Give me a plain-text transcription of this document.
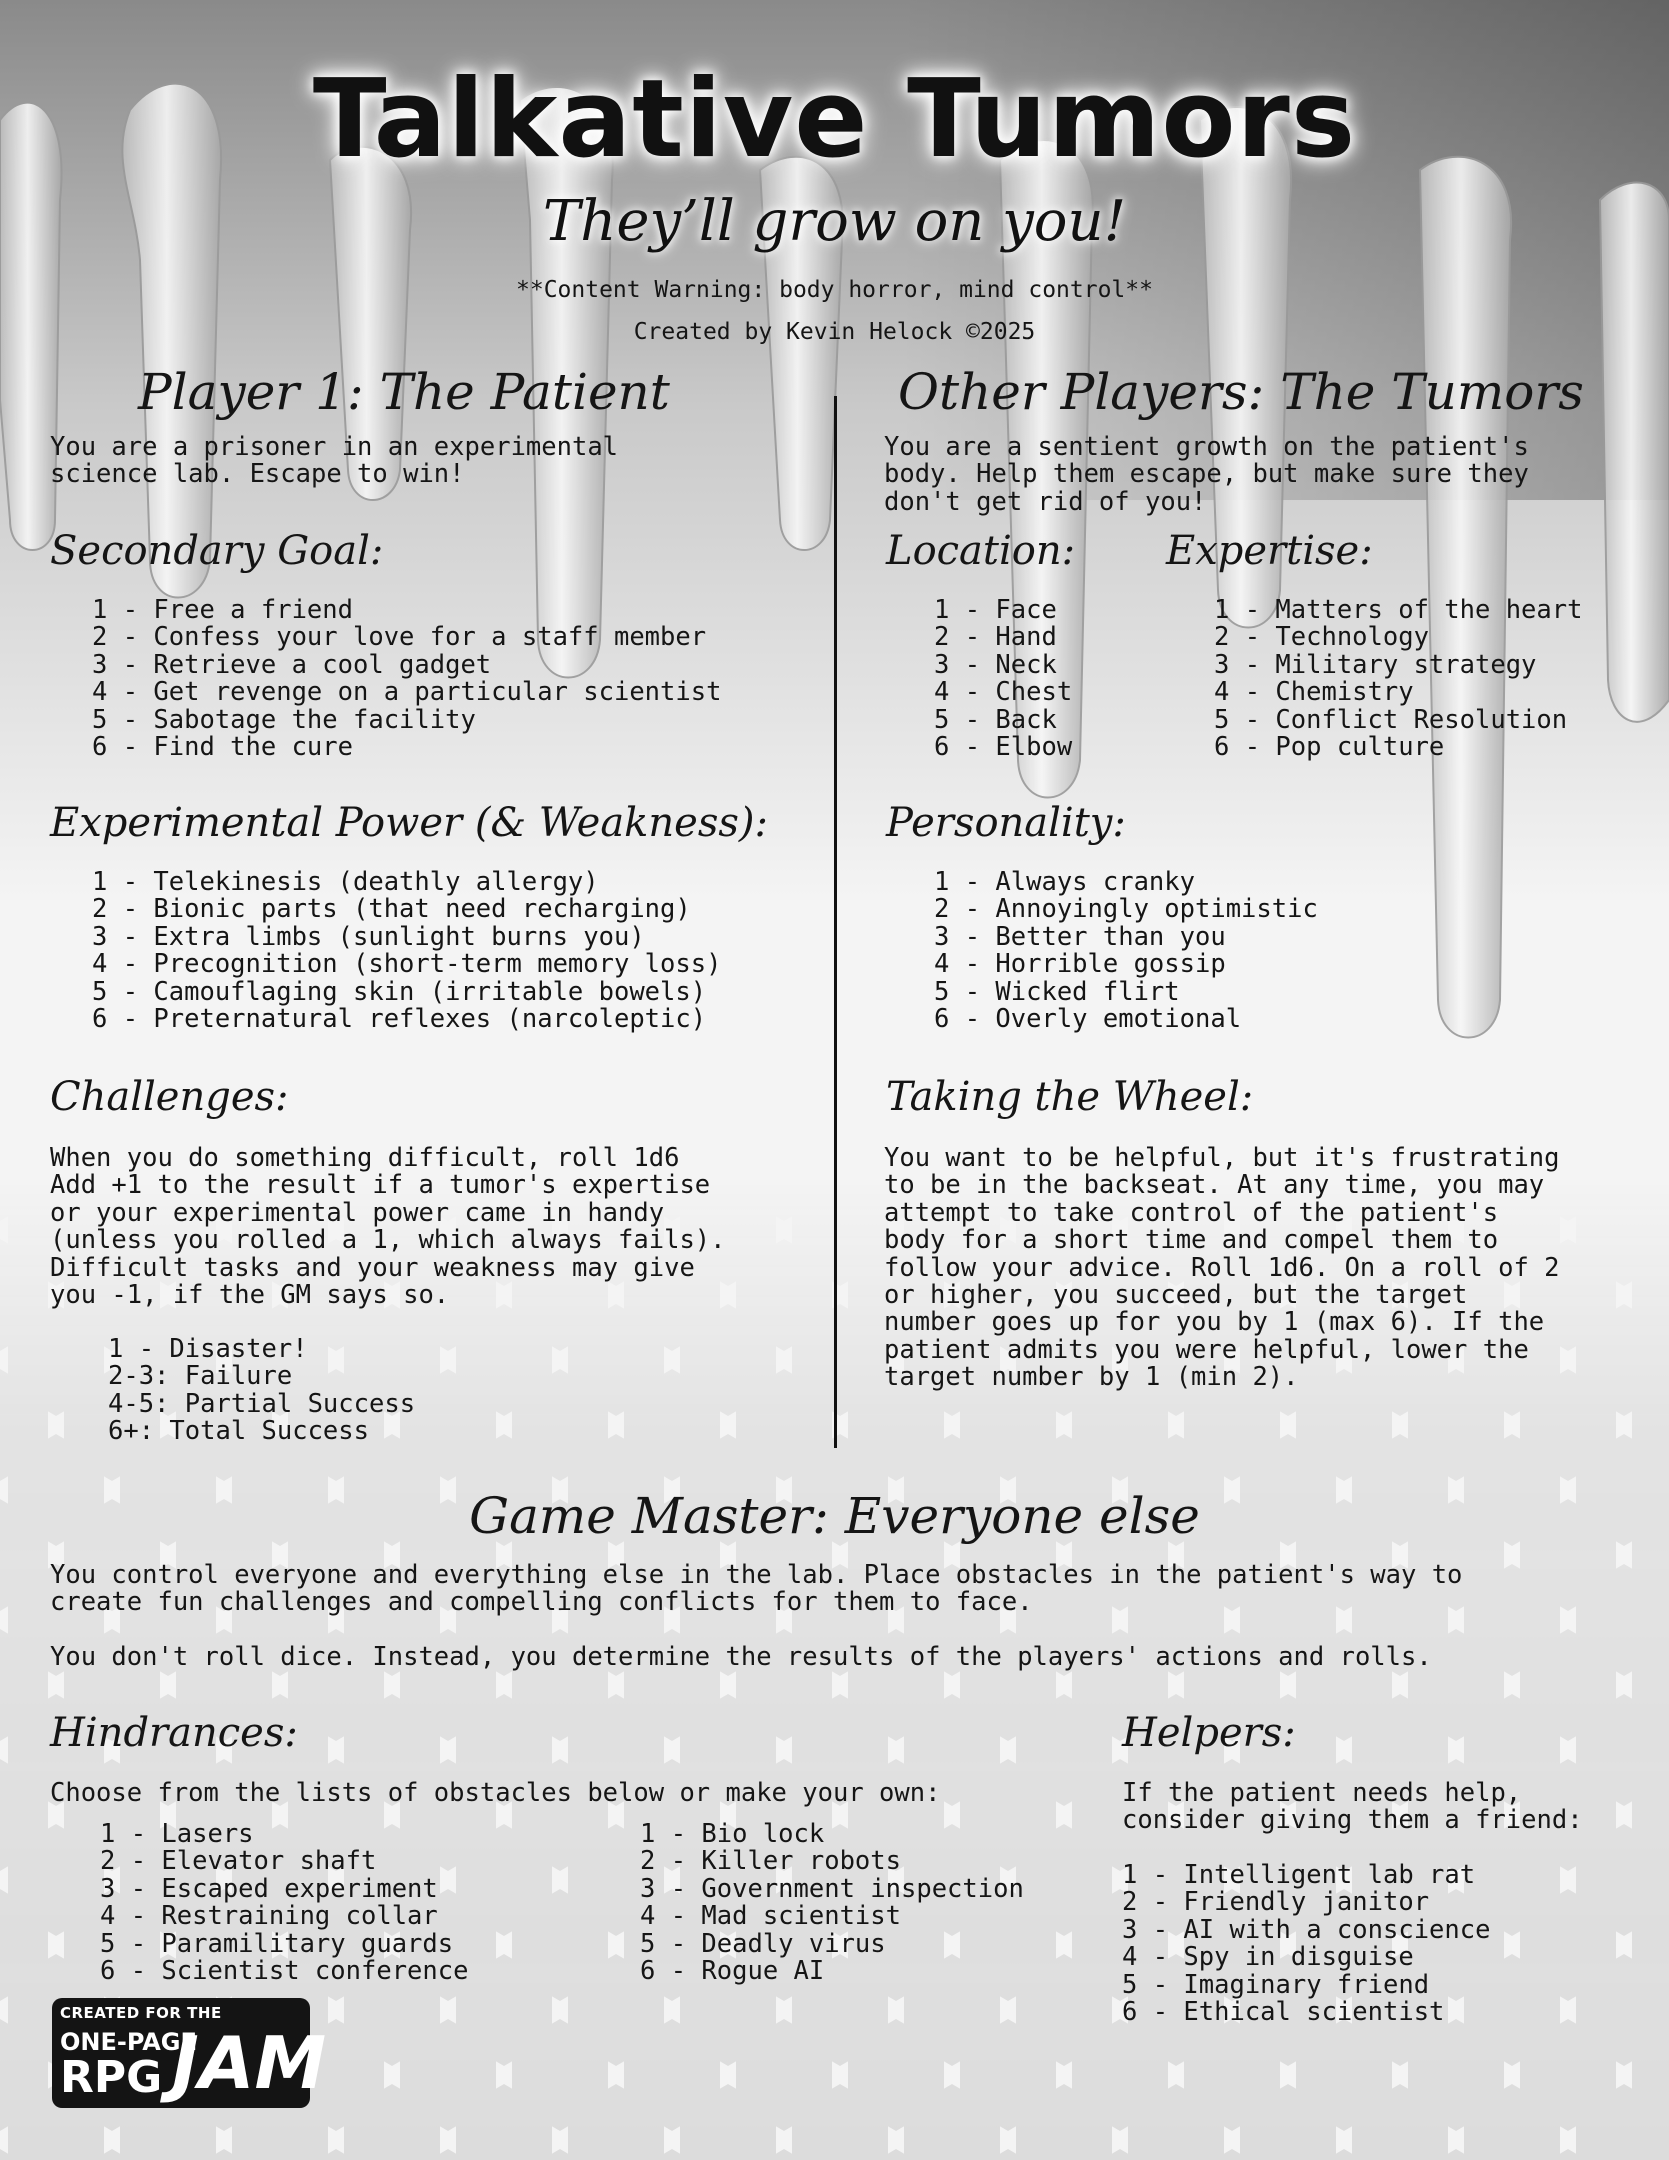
Talkative Tumors
They’ll grow on you!
**Content Warning: body horror, mind control**
Created by Kevin Helock ©2025
Player 1: The Patient
You are a prisoner in an experimental
science lab. Escape to win!
Secondary Goal:
1 - Free a friend
2 - Confess your love for a staff member
3 - Retrieve a cool gadget
4 - Get revenge on a particular scientist
5 - Sabotage the facility
6 - Find the cure
Experimental Power (& Weakness):
1 - Telekinesis (deathly allergy)
2 - Bionic parts (that need recharging)
3 - Extra limbs (sunlight burns you)
4 - Precognition (short-term memory loss)
5 - Camouflaging skin (irritable bowels)
6 - Preternatural reflexes (narcoleptic)
Challenges:
When you do something difficult, roll 1d6
Add +1 to the result if a tumor's expertise
or your experimental power came in handy
(unless you rolled a 1, which always fails).
Difficult tasks and your weakness may give
you -1, if the GM says so.
1 - Disaster!
2-3: Failure
4-5: Partial Success
6+: Total Success
Other Players: The Tumors
You are a sentient growth on the patient's
body. Help them escape, but make sure they
don't get rid of you!
Location:
1 - Face
2 - Hand
3 - Neck
4 - Chest
5 - Back
6 - Elbow
Expertise:
1 - Matters of the heart
2 - Technology
3 - Military strategy
4 - Chemistry
5 - Conflict Resolution
6 - Pop culture
Personality:
1 - Always cranky
2 - Annoyingly optimistic
3 - Better than you
4 - Horrible gossip
5 - Wicked flirt
6 - Overly emotional
Taking the Wheel:
You want to be helpful, but it's frustrating
to be in the backseat. At any time, you may
attempt to take control of the patient's
body for a short time and compel them to
follow your advice. Roll 1d6. On a roll of 2
or higher, you succeed, but the target
number goes up for you by 1 (max 6). If the
patient admits you were helpful, lower the
target number by 1 (min 2).
Game Master: Everyone else
You control everyone and everything else in the lab. Place obstacles in the patient's way to
create fun challenges and compelling conflicts for them to face.
You don't roll dice. Instead, you determine the results of the players' actions and rolls.
Hindrances:
Choose from the lists of obstacles below or make your own:
1 - Lasers
2 - Elevator shaft
3 - Escaped experiment
4 - Restraining collar
5 - Paramilitary guards
6 - Scientist conference
1 - Bio lock
2 - Killer robots
3 - Government inspection
4 - Mad scientist
5 - Deadly virus
6 - Rogue AI
Helpers:
If the patient needs help,
consider giving them a friend:
1 - Intelligent lab rat
2 - Friendly janitor
3 - AI with a conscience
4 - Spy in disguise
5 - Imaginary friend
6 - Ethical scientist
CREATED FOR THE
ONE-PAGE
RPG JAM
